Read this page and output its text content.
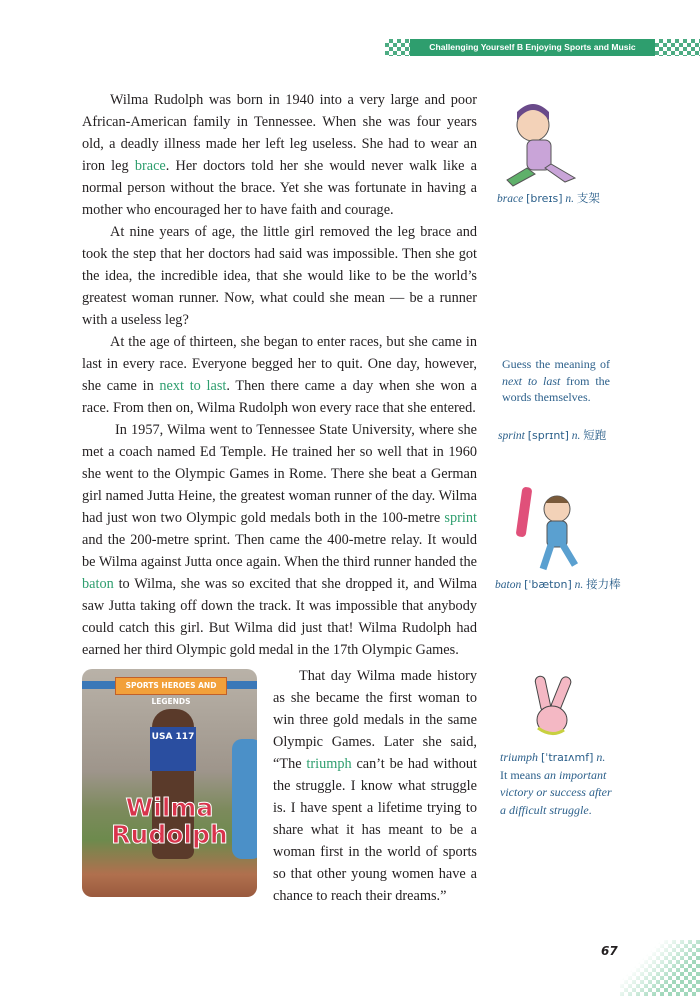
Challenging Yourself B Enjoying Sports and Music

Wilma Rudolph was born in 1940 into a very large and poor African-American family in Tennessee. When she was four years old, a deadly illness made her left leg useless. She had to wear an iron leg brace. Her doctors told her she would never walk like a normal person without the brace. Yet she was fortunate in having a mother who encouraged her to have faith and courage.

At nine years of age, the little girl removed the leg brace and took the step that her doctors had said was impossible. Then she got the idea, the incredible idea, that she would like to be the world’s greatest woman runner. Now, what could she mean — be a runner with a useless leg?

At the age of thirteen, she began to enter races, but she came in last in every race. Everyone begged her to quit. One day, however, she came in next to last. Then there came a day when she won a race. From then on, Wilma Rudolph won every race that she entered.

In 1957, Wilma went to Tennessee State University, where she met a coach named Ed Temple. He trained her so well that in 1960 she went to the Olympic Games in Rome. There she beat a German girl named Jutta Heine, the greatest woman runner of the day. Wilma had just won two Olympic gold medals both in the 100-metre sprint and the 200-metre sprint. Then came the 400-metre relay. It would be Wilma against Jutta once again. When the third runner handed the baton to Wilma, she was so excited that she dropped it, and Wilma saw Jutta taking off down the track. It was impossible that anybody could catch this girl. But Wilma did just that! Wilma Rudolph had earned her third Olympic gold medal in the 17th Olympic Games.

SPORTS HEROES AND LEGENDS
USA 117
Wilma
Rudolph

That day Wilma made history as she became the first woman to win three gold medals in the same Olympic Games. Later she said, “The triumph can’t be had without the struggle. I know what struggle is. I have spent a lifetime trying to share what it has meant to be a woman first in the world of sports so that other young women have a chance to reach their dreams.”

brace [breɪs] n. 支架
Guess the meaning of next to last from the words themselves.
sprint [sprɪnt] n. 短跑
baton [ˈbætɒn] n. 接力棒
triumph [ˈtraɪʌmf] n.
It means an important victory or success after a difficult struggle.
67
